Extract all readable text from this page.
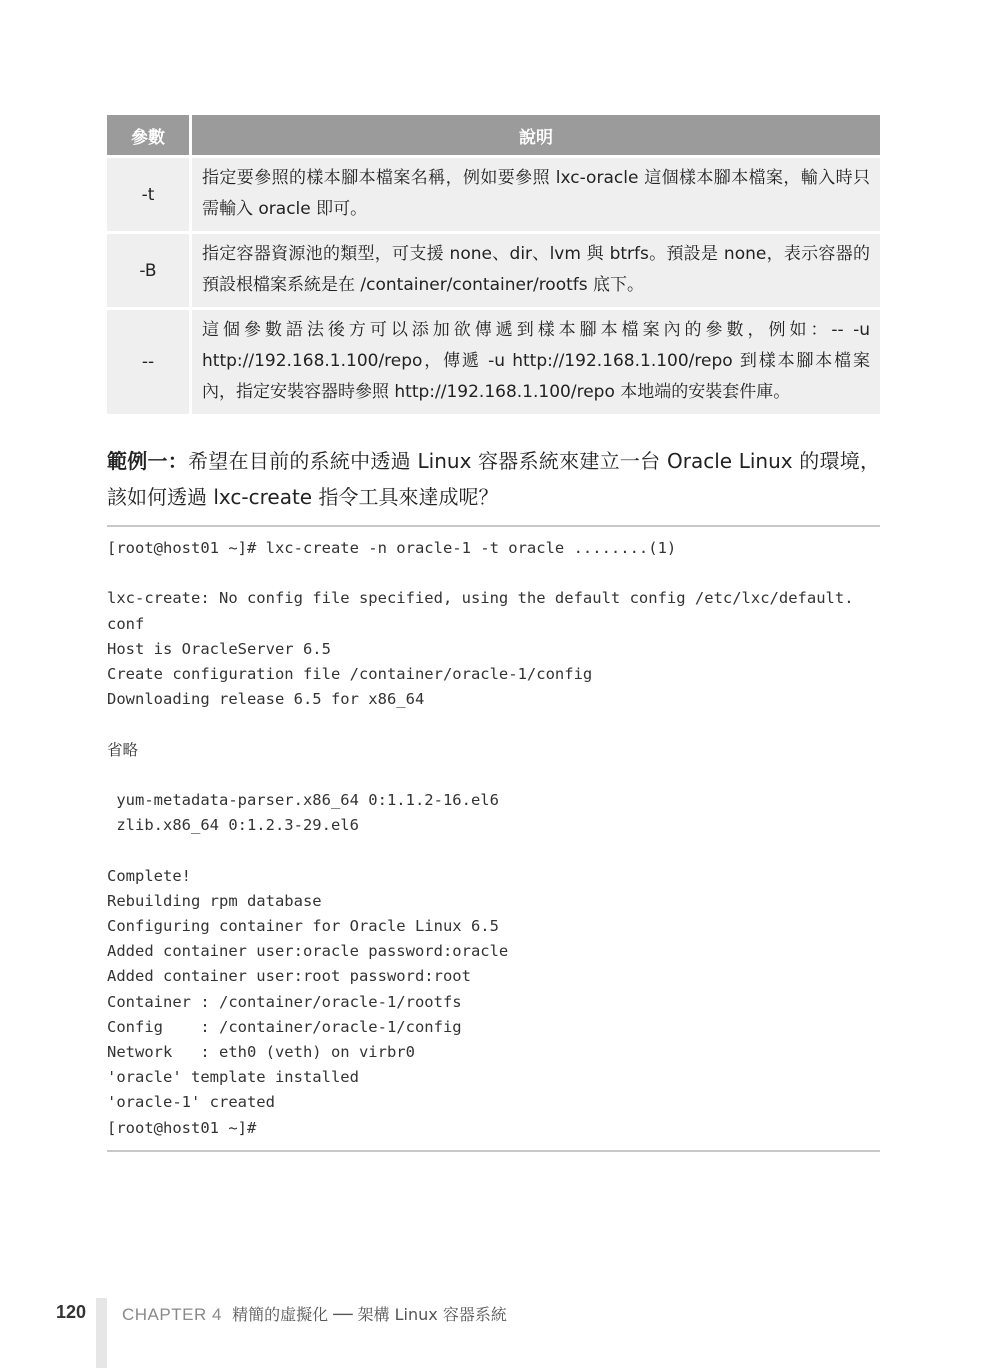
參數	說明
-t	指定要參照的樣本腳本檔案名稱，例如要參照 lxc-oracle 這個樣本腳本檔案，輸入時只需輸入 oracle 即可。
-B	指定容器資源池的類型，可支援 none、dir、lvm 與 btrfs。預設是 none，表示容器的預設根檔案系統是在 /container/container/rootfs 底下。
--	這個參數語法後方可以添加欲傳遞到樣本腳本檔案內的參數，例如：-- -u http://192.168.1.100/repo，傳遞 -u http://192.168.1.100/repo 到樣本腳本檔案內，指定安裝容器時參照 http://192.168.1.100/repo 本地端的安裝套件庫。
範例一：希望在目前的系統中透過 Linux 容器系統來建立一台 Oracle Linux 的環境，該如何透過 lxc-create 指令工具來達成呢？
[root@host01 ~]# lxc-create -n oracle-1 -t oracle ........(1)

lxc-create: No config file specified, using the default config /etc/lxc/default.
conf
Host is OracleServer 6.5
Create configuration file /container/oracle-1/config
Downloading release 6.5 for x86_64

省略

yum-metadata-parser.x86_64 0:1.1.2-16.el6
zlib.x86_64 0:1.2.3-29.el6

Complete!
Rebuilding rpm database
Configuring container for Oracle Linux 6.5
Added container user:oracle password:oracle
Added container user:root password:root
Container : /container/oracle-1/rootfs
Config    : /container/oracle-1/config
Network   : eth0 (veth) on virbr0
'oracle' template installed
'oracle-1' created
[root@host01 ~]#
120 CHAPTER 4 精簡的虛擬化 ── 架構 Linux 容器系統
